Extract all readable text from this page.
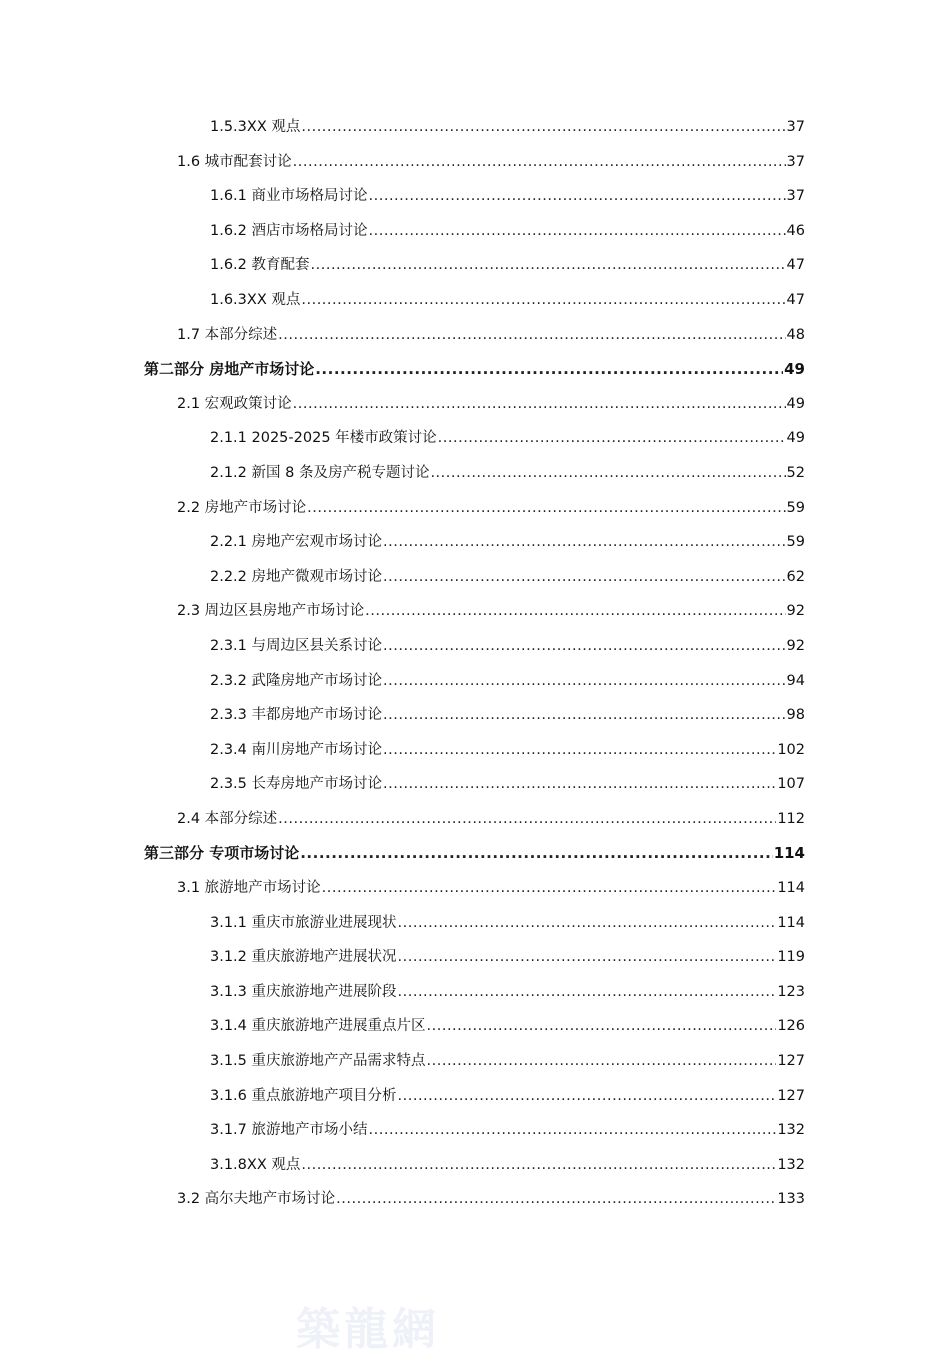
1.5.3XX 观点 .....	37
1.6 城市配套讨论 .....	37
1.6.1 商业市场格局讨论 .....	37
1.6.2 酒店市场格局讨论 .....	46
1.6.2 教育配套 .....	47
1.6.3XX 观点 .....	47
1.7 本部分综述 .....	48
第二部分 房地产市场讨论 .....	49
2.1 宏观政策讨论 .....	49
2.1.1 2025-2025 年楼市政策讨论 .....	49
2.1.2 新国 8 条及房产税专题讨论 .....	52
2.2 房地产市场讨论 .....	59
2.2.1 房地产宏观市场讨论 .....	59
2.2.2 房地产微观市场讨论 .....	62
2.3 周边区县房地产市场讨论 .....	92
2.3.1 与周边区县关系讨论 .....	92
2.3.2 武隆房地产市场讨论 .....	94
2.3.3 丰都房地产市场讨论 .....	98
2.3.4 南川房地产市场讨论 .....	102
2.3.5 长寿房地产市场讨论 .....	107
2.4 本部分综述 .....	112
第三部分 专项市场讨论 .....	114
3.1 旅游地产市场讨论 .....	114
3.1.1 重庆市旅游业进展现状 .....	114
3.1.2 重庆旅游地产进展状况 .....	119
3.1.3 重庆旅游地产进展阶段 .....	123
3.1.4 重庆旅游地产进展重点片区 .....	126
3.1.5 重庆旅游地产产品需求特点 .....	127
3.1.6 重点旅游地产项目分析 .....	127
3.1.7 旅游地产市场小结 .....	132
3.1.8XX 观点 .....	132
3.2 高尔夫地产市场讨论 .....	133
築龍網
